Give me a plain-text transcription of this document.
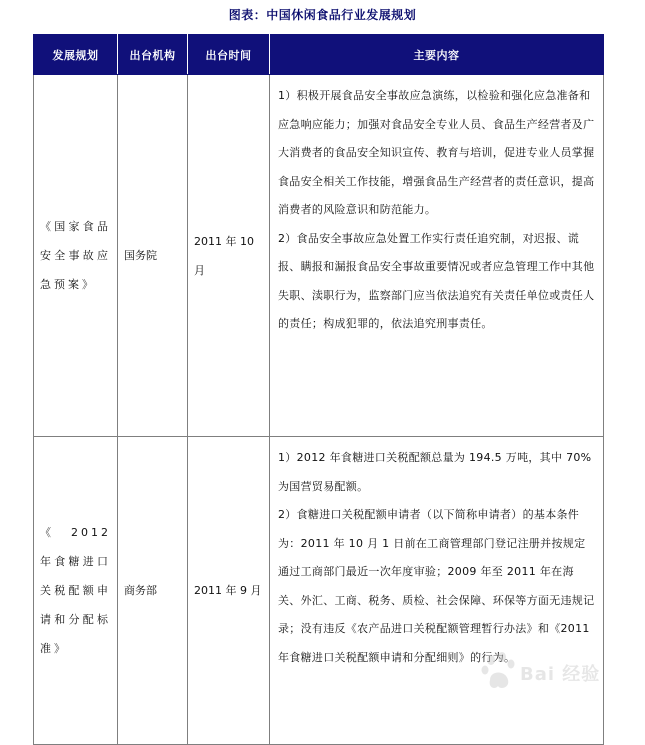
图表：中国休闲食品行业发展规划
发展规划	出台机构	出台时间	主要内容
《国家食品安全事故应急预案》	国务院	2011 年 10 月	1）积极开展食品安全事故应急演练，以检验和强化应急准备和应急响应能力；加强对食品安全专业人员、食品生产经营者及广大消费者的食品安全知识宣传、教育与培训，促进专业人员掌握食品安全相关工作技能，增强食品生产经营者的责任意识，提高消费者的风险意识和防范能力。

2）食品安全事故应急处置工作实行责任追究制，对迟报、谎报、瞒报和漏报食品安全事故重要情况或者应急管理工作中其他失职、渎职行为，监察部门应当依法追究有关责任单位或责任人的责任；构成犯罪的，依法追究刑事责任。

《2012 年食糖进口关税配额申请和分配标准》	商务部	2011 年 9 月	1）2012 年食糖进口关税配额总量为 194.5 万吨，其中 70%为国营贸易配额。

2）食糖进口关税配额申请者（以下简称申请者）的基本条件为：2011 年 10 月 1 日前在工商管理部门登记注册并按规定通过工商部门最近一次年度审验；2009 年至 2011 年在海关、外汇、工商、税务、质检、社会保障、环保等方面无违规记录；没有违反《农产品进口关税配额管理暂行办法》和《2011 年食糖进口关税配额申请和分配细则》的行为。

Bai 经验
